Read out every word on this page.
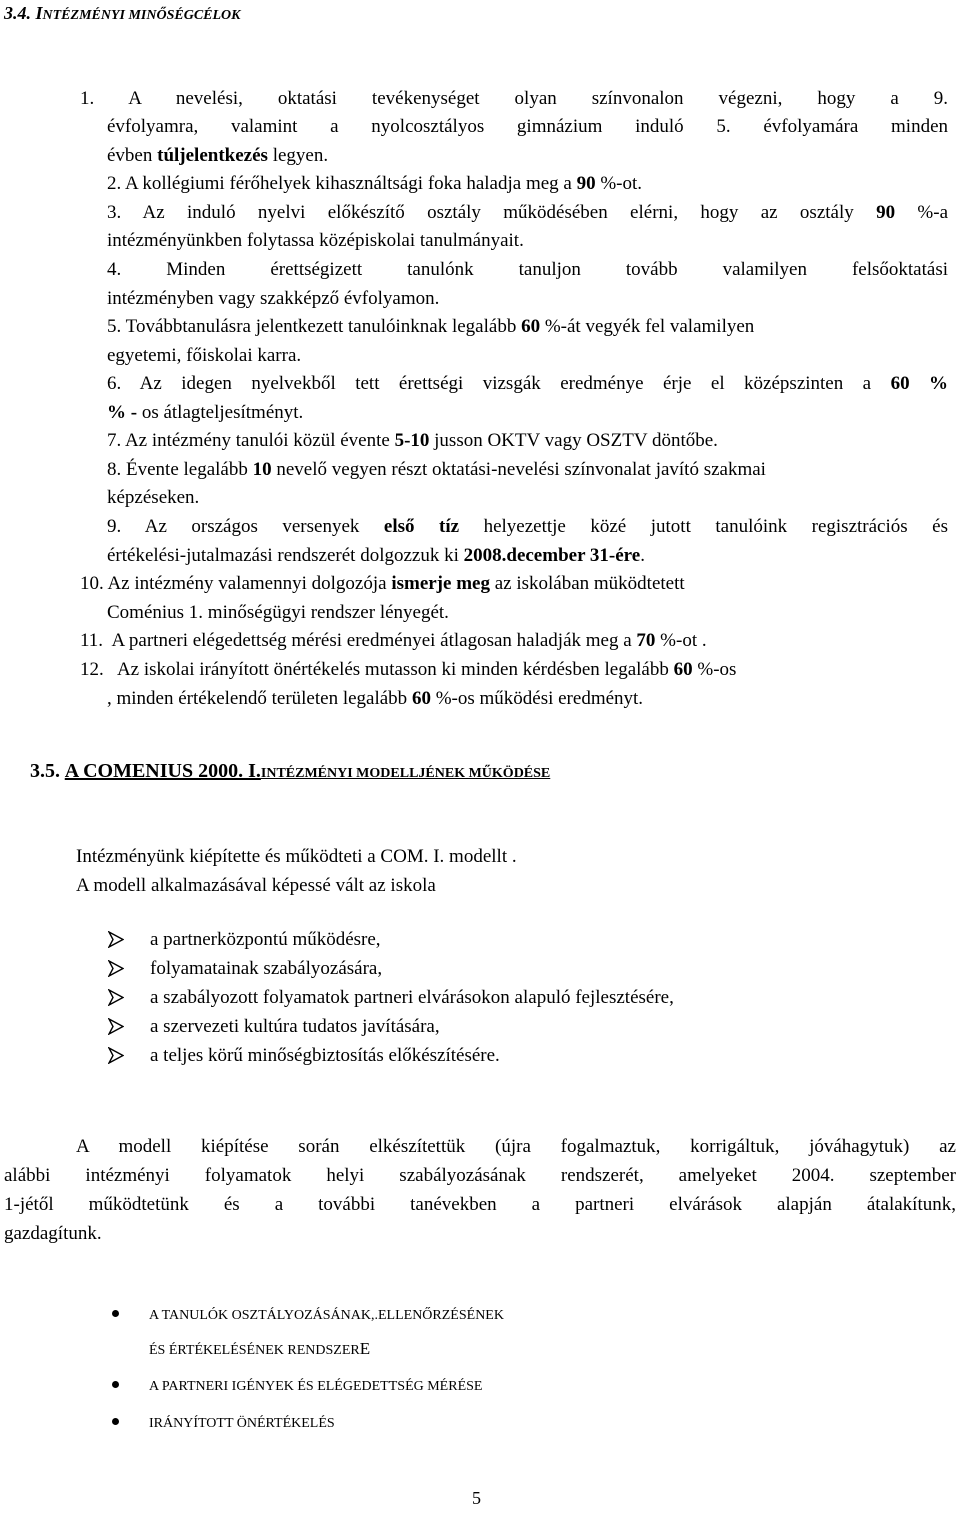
3.4. INTÉZMÉNYI MINŐSÉGCÉLOK
1. A nevelési, oktatási tevékenységet olyan színvonalon végezni, hogy a 9.
évfolyamra, valamint a nyolcosztályos gimnázium induló 5. évfolyamára minden
évben túljelentkezés legyen.
2. A kollégiumi férőhelyek kihasználtsági foka haladja meg a 90 %-ot.
3. Az induló nyelvi előkészítő osztály működésében elérni, hogy az osztály 90 %-a
intézményünkben folytassa középiskolai tanulmányait.
4. Minden érettségizett tanulónk tanuljon tovább valamilyen felsőoktatási
intézményben vagy szakképző évfolyamon.
5. Továbbtanulásra jelentkezett tanulóinknak legalább 60 %-át vegyék fel valamilyen
egyetemi, főiskolai karra.
6. Az idegen nyelvekből tett érettségi vizsgák eredménye érje el középszinten a 60 %
% - os átlagteljesítményt.
7. Az intézmény tanulói közül évente 5-10 jusson OKTV vagy OSZTV döntőbe.
8. Évente legalább 10 nevelő vegyen részt oktatási-nevelési színvonalat javító szakmai
képzéseken.
9. Az országos versenyek első tíz helyezettje közé jutott tanulóink regisztrációs és
értékelési-jutalmazási rendszerét dolgozzuk ki 2008.december 31-ére.
10. Az intézmény valamennyi dolgozója ismerje meg az iskolában müködtetett
Coménius 1. minőségügyi rendszer lényegét.
11. A partneri elégedettség mérési eredményei átlagosan haladják meg a 70 %-ot .
12. Az iskolai irányított önértékelés mutasson ki minden kérdésben legalább 60 %-os
, minden értékelendő területen legalább 60 %-os működési eredményt.
3.5. A COMENIUS 2000. I.INTÉZMÉNYI MODELLJÉNEK MŰKÖDÉSE
Intézményünk kiépítette és működteti a COM. I. modellt .
A modell alkalmazásával képessé vált az iskola
a partnerközpontú működésre,
folyamatainak szabályozására,
a szabályozott folyamatok partneri elvárásokon alapuló fejlesztésére,
a szervezeti kultúra tudatos javítására,
a teljes körű minőségbiztosítás előkészítésére.
A modell kiépítése során elkészítettük (újra fogalmaztuk, korrigáltuk, jóváhagytuk) az
alábbi intézményi folyamatok helyi szabályozásának rendszerét, amelyeket 2004. szeptember
1-jétől működtetünk és a további tanévekben a partneri elvárások alapján átalakítunk,
gazdagítunk.
A TANULÓK OSZTÁLYOZÁSÁNAK,.ELLENŐRZÉSÉNEK
ÉS ÉRTÉKELÉSÉNEK RENDSZERE
A PARTNERI IGÉNYEK ÉS ELÉGEDETTSÉG MÉRÉSE
IRÁNYÍTOTT ÖNÉRTÉKELÉS
5
